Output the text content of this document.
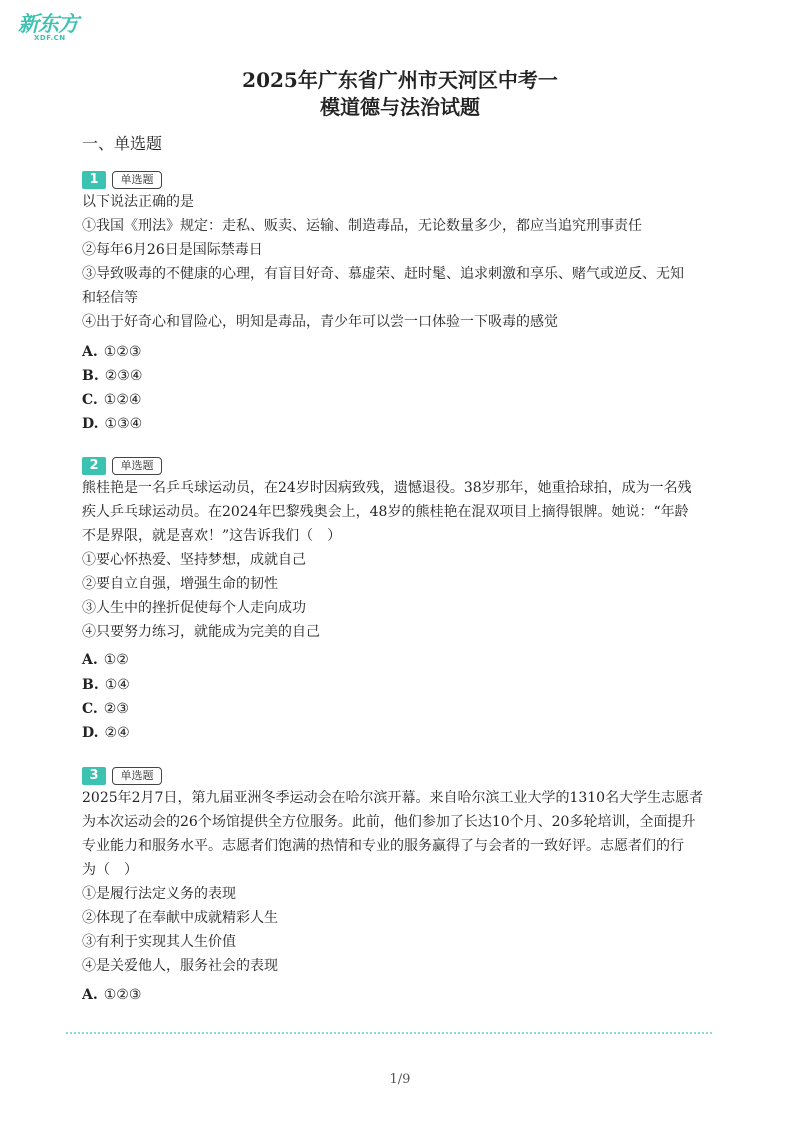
新东方
XDF.CN
2025年广东省广州市天河区中考一
模道德与法治试题
一、单选题
1	单选题
以下说法正确的是
①我国《刑法》规定：走私、贩卖、运输、制造毒品，无论数量多少，都应当追究刑事责任
②每年6月26日是国际禁毒日
③导致吸毒的不健康的心理，有盲目好奇、慕虚荣、赶时髦、追求刺激和享乐、赌气或逆反、无知
和轻信等
④出于好奇心和冒险心，明知是毒品，青少年可以尝一口体验一下吸毒的感觉
A. ①②③
B. ②③④
C. ①②④
D. ①③④
2	单选题
熊桂艳是一名乒乓球运动员，在24岁时因病致残，遗憾退役。38岁那年，她重拾球拍，成为一名残
疾人乒乓球运动员。在2024年巴黎残奥会上，48岁的熊桂艳在混双项目上摘得银牌。她说：“年龄
不是界限，就是喜欢！”这告诉我们（　）
①要心怀热爱、坚持梦想，成就自己
②要自立自强，增强生命的韧性
③人生中的挫折促使每个人走向成功
④只要努力练习，就能成为完美的自己
A. ①②
B. ①④
C. ②③
D. ②④
3	单选题
2025年2月7日，第九届亚洲冬季运动会在哈尔滨开幕。来自哈尔滨工业大学的1310名大学生志愿者
为本次运动会的26个场馆提供全方位服务。此前，他们参加了长达10个月、20多轮培训，全面提升
专业能力和服务水平。志愿者们饱满的热情和专业的服务赢得了与会者的一致好评。志愿者们的行
为（　）
①是履行法定义务的表现
②体现了在奉献中成就精彩人生
③有利于实现其人生价值
④是关爱他人，服务社会的表现
A. ①②③
1/9
